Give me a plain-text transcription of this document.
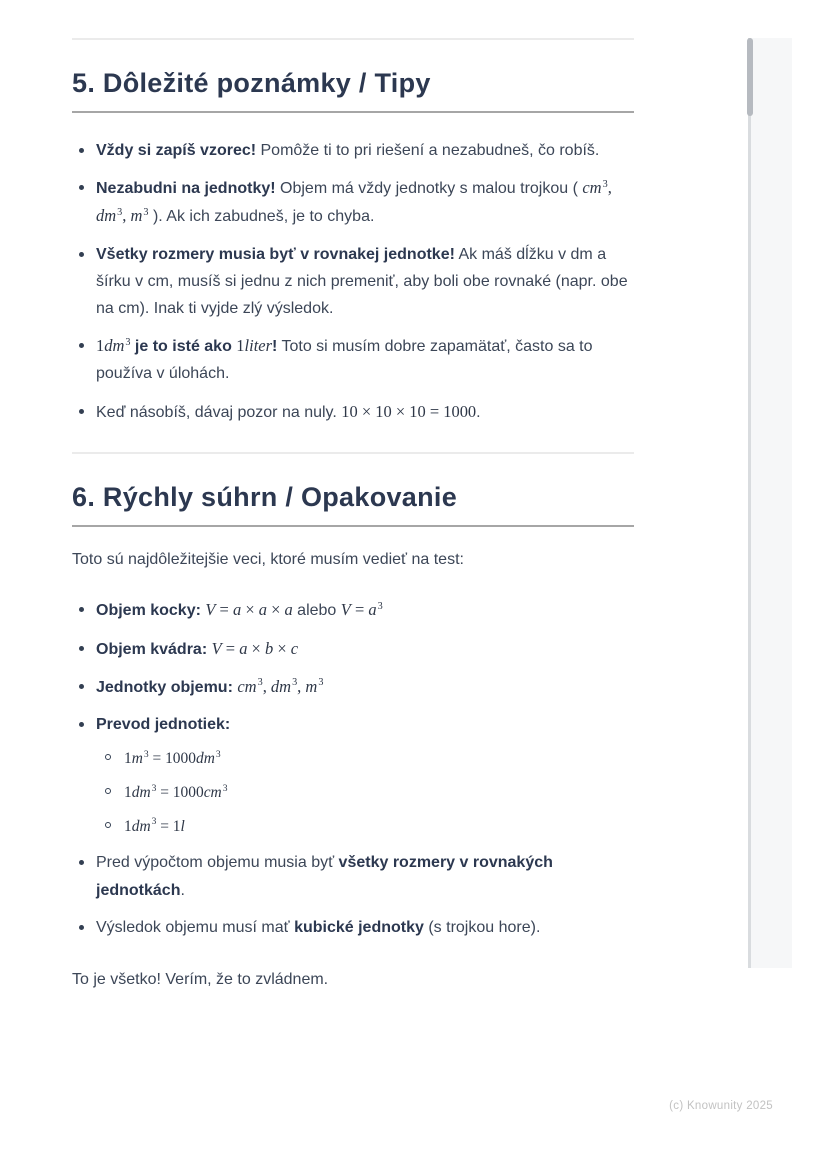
5. Dôležité poznámky / Tipy
Vždy si zapíš vzorec! Pomôže ti to pri riešení a nezabudneš, čo robíš.
Nezabudni na jednotky! Objem má vždy jednotky s malou trojkou ( $cm^3$, $dm^3$, $m^3$ ). Ak ich zabudneš, je to chyba.
Všetky rozmery musia byť v rovnakej jednotke! Ak máš dĺžku v dm a šírku v cm, musíš si jednu z nich premeniť, aby boli obe rovnaké (napr. obe na cm). Inak ti vyjde zlý výsledok.
$1dm^3$ je to isté ako 1liter! Toto si musím dobre zapamätať, často sa to používa v úlohách.
Keď násobíš, dávaj pozor na nuly. 10 × 10 × 10 = 1000.
6. Rýchly súhrn / Opakovanie

Toto sú najdôležitejšie veci, ktoré musím vedieť na test:

Objem kocky: V = a × a × a alebo $V = a^3$
Objem kvádra: V = a × b × c
Jednotky objemu: $cm^3$, $dm^3$, $m^3$
Prevod jednotiek:
$1m^3 = 1000dm^3$
$1dm^3 = 1000cm^3$
$1dm^3 = 1l$
Pred výpočtom objemu musia byť všetky rozmery v rovnakých jednotkách.
Výsledok objemu musí mať kubické jednotky (s trojkou hore).

To je všetko! Verím, že to zvládnem.

(c) Knowunity 2025
